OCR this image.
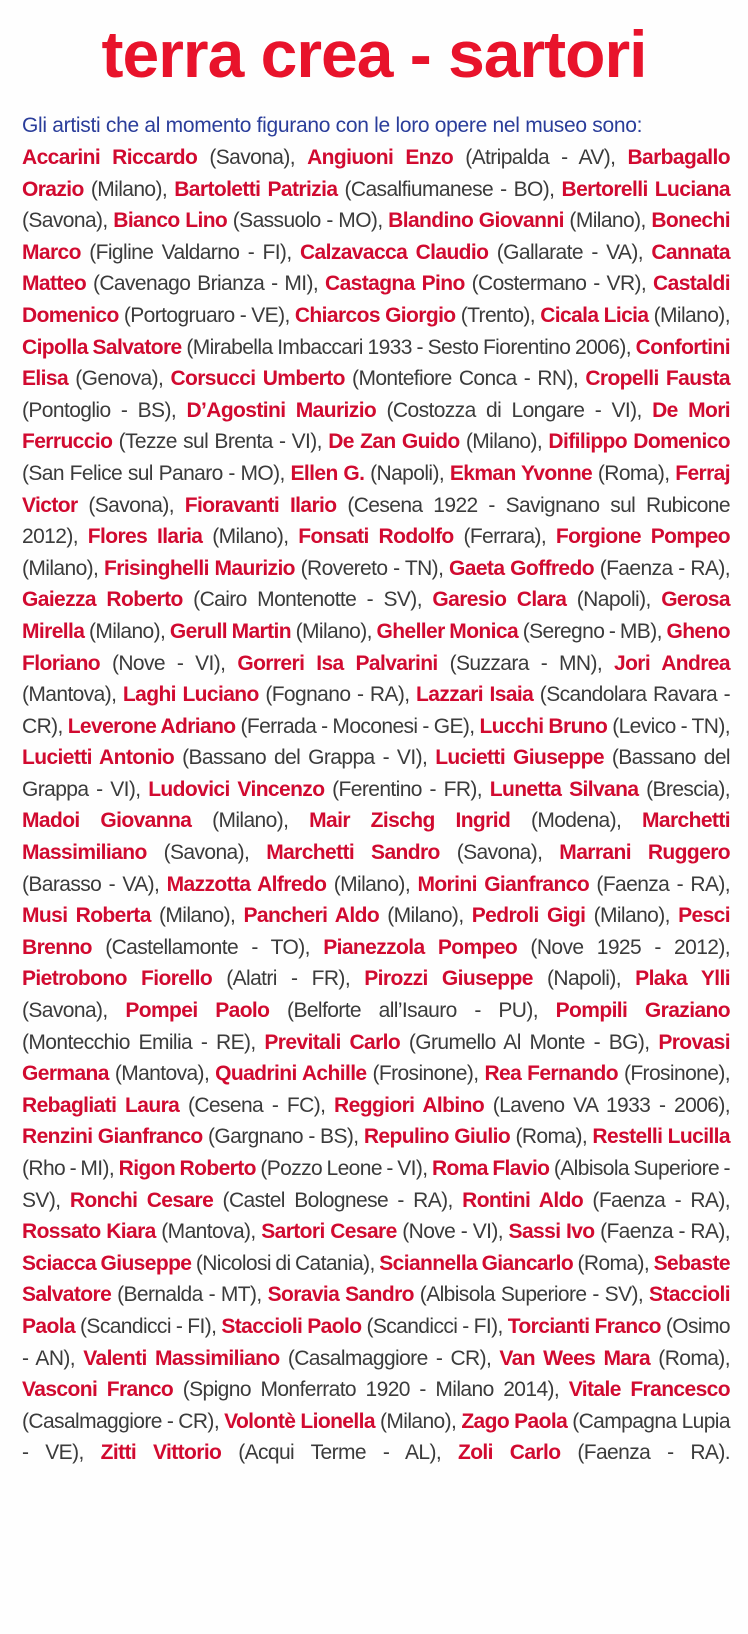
terra crea - sartori
Gli artisti che al momento figurano con le loro opere nel museo sono:
Accarini Riccardo (Savona), Angiuoni Enzo (Atripalda - AV), Barbagallo Orazio (Milano), Bartoletti Patrizia (Casalfiumanese - BO), Bertorelli Luciana (Savona), Bianco Lino (Sassuolo - MO), Blandino Giovanni (Milano), Bonechi Marco (Figline Valdarno - FI), Calzavacca Claudio (Gallarate - VA), Cannata Matteo (Cavenago Brianza - MI), Castagna Pino (Costermano - VR), Castaldi Domenico (Portogruaro - VE), Chiarcos Giorgio (Trento), Cicala Licia (Milano), Cipolla Salvatore (Mirabella Imbaccari 1933 - Sesto Fiorentino 2006), Confortini Elisa (Genova), Corsucci Umberto (Montefiore Conca - RN), Cropelli Fausta (Pontoglio - BS), D’Agostini Maurizio (Costozza di Longare - VI), De Mori Ferruccio (Tezze sul Brenta - VI), De Zan Guido (Milano), Difilippo Domenico (San Felice sul Panaro - MO), Ellen G. (Napoli), Ekman Yvonne (Roma), Ferraj Victor (Savona), Fioravanti Ilario (Cesena 1922 - Savignano sul Rubicone 2012), Flores Ilaria (Milano), Fonsati Rodolfo (Ferrara), Forgione Pompeo (Milano), Frisinghelli Maurizio (Rovereto - TN), Gaeta Goffredo (Faenza - RA), Gaiezza Roberto (Cairo Montenotte - SV), Garesio Clara (Napoli), Gerosa Mirella (Milano), Gerull Martin (Milano), Gheller Monica (Seregno - MB), Gheno Floriano (Nove - VI), Gorreri Isa Palvarini (Suzzara - MN), Jori Andrea (Mantova), Laghi Luciano (Fognano - RA), Lazzari Isaia (Scandolara Ravara - CR), Leverone Adriano (Ferrada - Moconesi - GE), Lucchi Bruno (Levico - TN), Lucietti Antonio (Bassano del Grappa - VI), Lucietti Giuseppe (Bassano del Grappa - VI), Ludovici Vincenzo (Ferentino - FR), Lunetta Silvana (Brescia), Madoi Giovanna (Milano), Mair Zischg Ingrid (Modena), Marchetti Massimiliano (Savona), Marchetti Sandro (Savona), Marrani Ruggero (Barasso - VA), Mazzotta Alfredo (Milano), Morini Gianfranco (Faenza - RA), Musi Roberta (Milano), Pancheri Aldo (Milano), Pedroli Gigi (Milano), Pesci Brenno (Castellamonte - TO), Pianezzola Pompeo (Nove 1925 - 2012), Pietrobono Fiorello (Alatri - FR), Pirozzi Giuseppe (Napoli), Plaka Ylli (Savona), Pompei Paolo (Belforte all’Isauro - PU), Pompili Graziano (Montecchio Emilia - RE), Previtali Carlo (Grumello Al Monte - BG), Provasi Germana (Mantova), Quadrini Achille (Frosinone), Rea Fernando (Frosinone), Rebagliati Laura (Cesena - FC), Reggiori Albino (Laveno VA 1933 - 2006), Renzini Gianfranco (Gargnano - BS), Repulino Giulio (Roma), Restelli Lucilla (Rho - MI), Rigon Roberto (Pozzo Leone - VI), Roma Flavio (Albisola Superiore - SV), Ronchi Cesare (Castel Bolognese - RA), Rontini Aldo (Faenza - RA), Rossato Kiara (Mantova), Sartori Cesare (Nove - VI), Sassi Ivo (Faenza - RA), Sciacca Giuseppe (Nicolosi di Catania), Sciannella Giancarlo (Roma), Sebaste Salvatore (Bernalda - MT), Soravia Sandro (Albisola Superiore - SV), Staccioli Paola (Scandicci - FI), Staccioli Paolo (Scandicci - FI), Torcianti Franco (Osimo - AN), Valenti Massimiliano (Casalmaggiore - CR), Van Wees Mara (Roma), Vasconi Franco (Spigno Monferrato 1920 - Milano 2014), Vitale Francesco (Casalmaggiore - CR), Volontè Lionella (Milano), Zago Paola (Campagna Lupia - VE), Zitti Vittorio (Acqui Terme - AL), Zoli Carlo (Faenza - RA).
